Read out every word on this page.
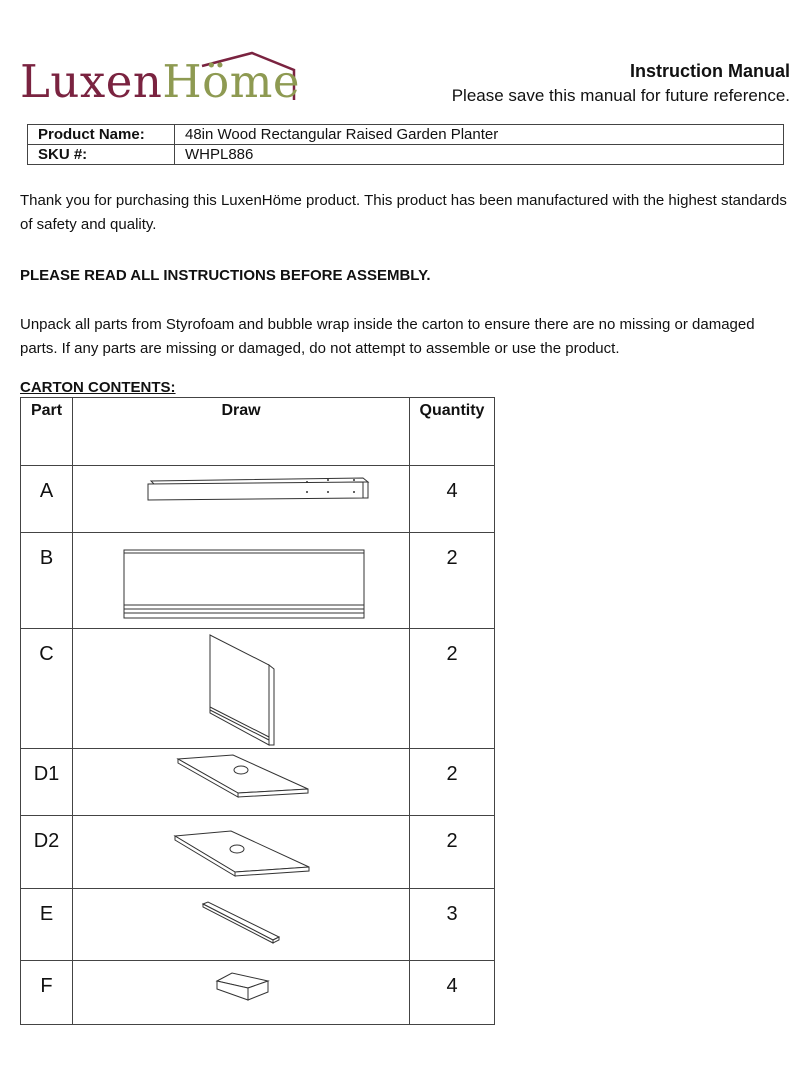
LuxenHöme	Instruction Manual
Please save this manual for future reference.
Product Name:	48in Wood Rectangular Raised Garden Planter
SKU #:	WHPL886

Thank you for purchasing this LuxenHöme product. This product has been manufactured with the highest standards of safety and quality.

PLEASE READ ALL INSTRUCTIONS BEFORE ASSEMBLY.

Unpack all parts from Styrofoam and bubble wrap inside the carton to ensure there are no missing or damaged parts. If any parts are missing or damaged, do not attempt to assemble or use the product.

CARTON CONTENTS:
Part	Draw	Quantity
A		4
B		2
C		2
D1		2
D2		2
E		3
F		4
